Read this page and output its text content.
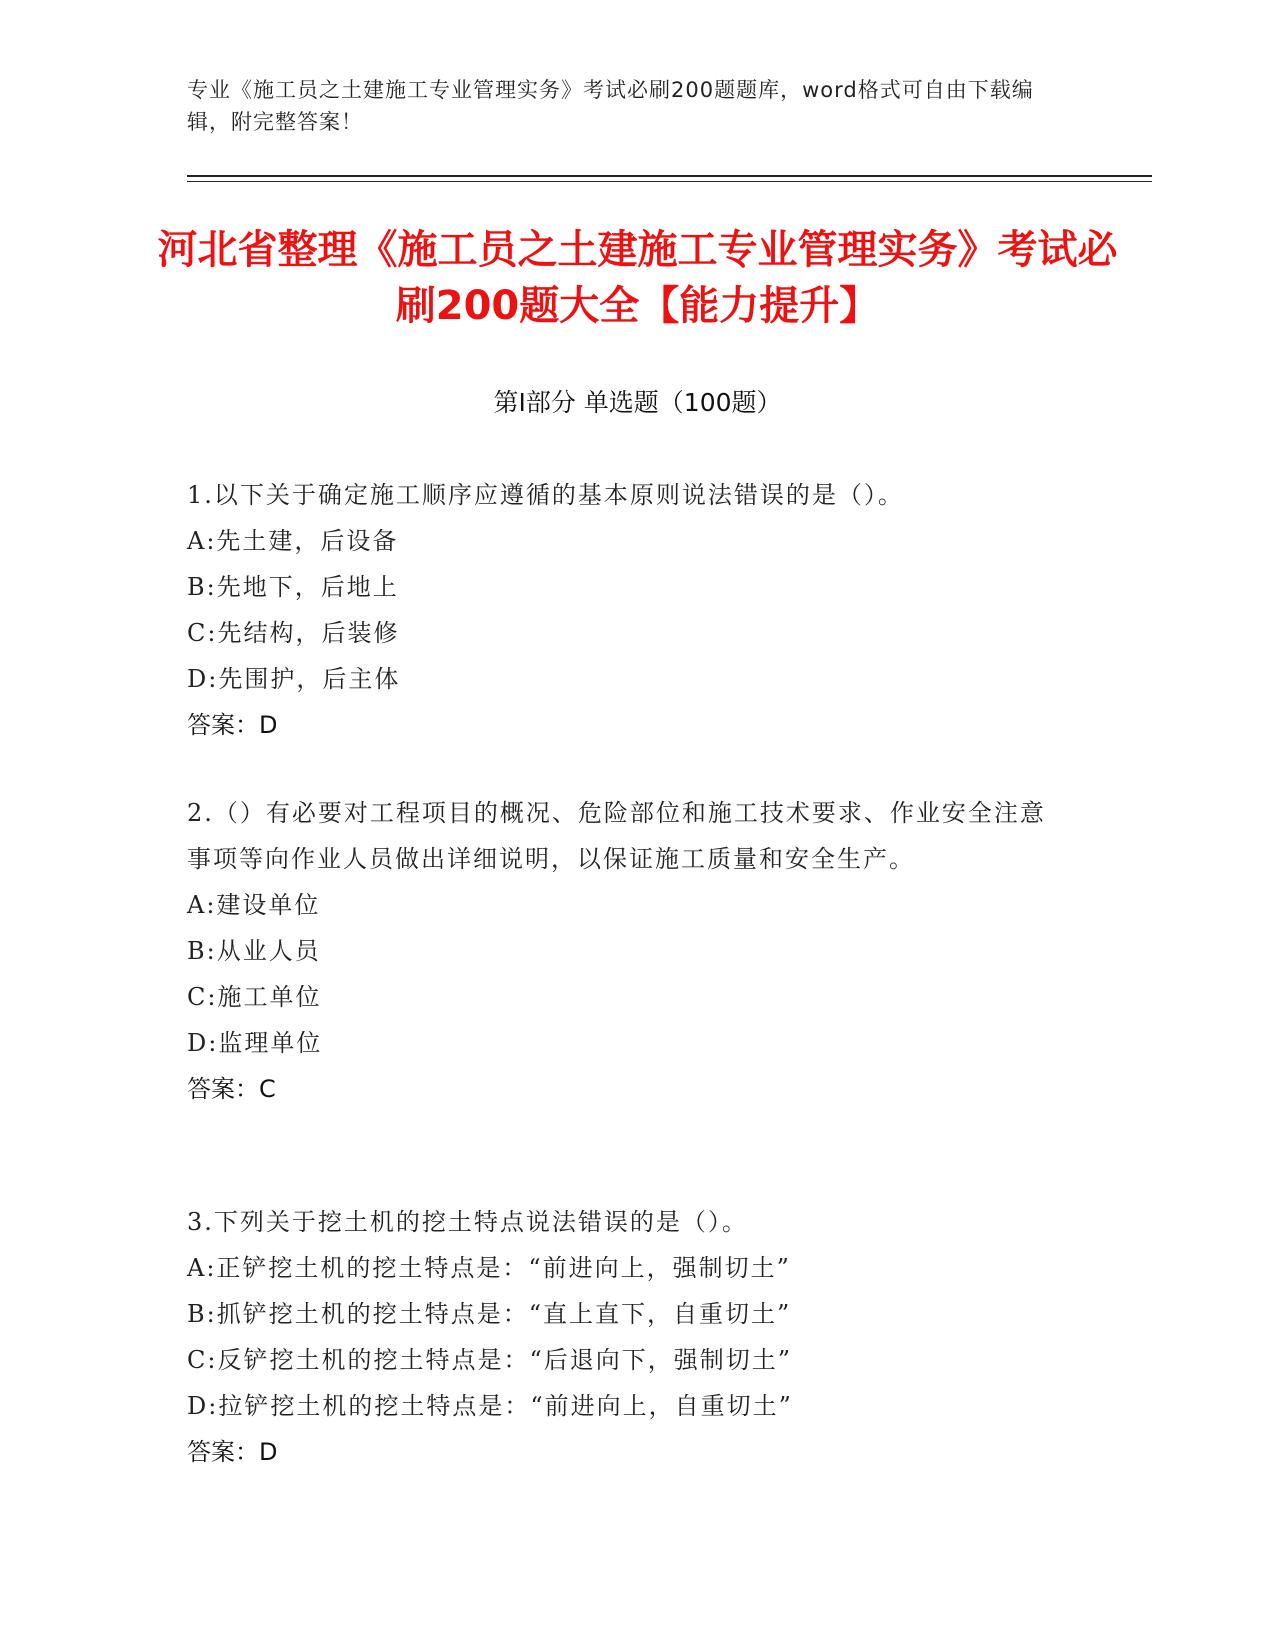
专业《施工员之土建施工专业管理实务》考试必刷200题题库，word格式可自由下载编辑，附完整答案！
河北省整理《施工员之土建施工专业管理实务》考试必刷200题大全【能力提升】
第I部分 单选题（100题）
1.以下关于确定施工顺序应遵循的基本原则说法错误的是（）。
A:先土建，后设备
B:先地下，后地上
C:先结构，后装修
D:先围护，后主体
答案：D
2.（）有必要对工程项目的概况、危险部位和施工技术要求、作业安全注意事项等向作业人员做出详细说明，以保证施工质量和安全生产。
A:建设单位
B:从业人员
C:施工单位
D:监理单位
答案：C
3.下列关于挖土机的挖土特点说法错误的是（）。
A:正铲挖土机的挖土特点是：“前进向上，强制切土”
B:抓铲挖土机的挖土特点是：“直上直下，自重切土”
C:反铲挖土机的挖土特点是：“后退向下，强制切土”
D:拉铲挖土机的挖土特点是：“前进向上，自重切土”
答案：D
